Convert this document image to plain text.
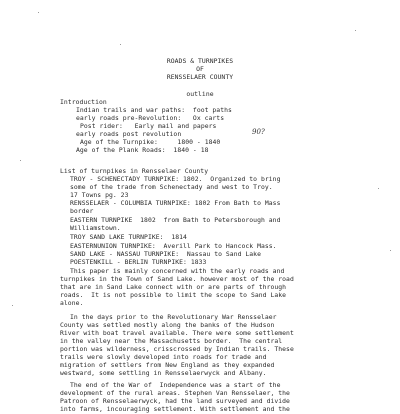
ROADS & TURNPIKES

OF

RENSSELAER COUNTY

outline

Introduction

Indian trails and war paths:  foot paths

early roads pre-Revolution:   Ox carts

Post rider:   Early mail and papers

early roads post revolution	90?

Age of the Turnpike:     1800 - 1840

Age of the Plank Roads:  1840 - 18

List of turnpikes in Rensselaer County

TROY - SCHENECTADY TURNPIKE: 1802.  Organized to bring

some of the trade from Schenectady and west to Troy.

17 Towns pg. 23

RENSSELAER - COLUMBIA TURNPIKE: 1802 From Bath to Mass

border

EASTERN TURNPIKE  1802  from Bath to Petersborough and

Williamstown.

TROY SAND LAKE TURNPIKE:  1814

EASTERNUNION TURNPIKE:  Averill Park to Hancock Mass.

SAND LAKE - NASSAU TURNPIKE:  Nassau to Sand Lake

POESTENKILL - BERLIN TURNPIKE: 1833

This paper is mainly concerned with the early roads and

turnpikes in the Town of Sand Lake. however most of the road

that are in Sand Lake connect with or are parts of through

roads.  It is not possible to limit the scope to Sand Lake

alone.

In the days prior to the Revolutionary War Rensselaer

County was settled mostly along the banks of the Hudson

River with boat travel available. There were some settlement

in the valley near the Massachusetts border.  The central

portion was wilderness, crisscrossed by Indian trails. These

trails were slowly developed into roads for trade and

migration of settlers from New England as they expanded

westward, some settling in Rensselaerwyck and Albany.

The end of the War of  Independence was a start of the

development of the rural areas. Stephen Van Rensselaer, the

Patroon of Rensselaerwyck, had the land surveyed and divide

into farms, incouraging settlement. With settlement and the
